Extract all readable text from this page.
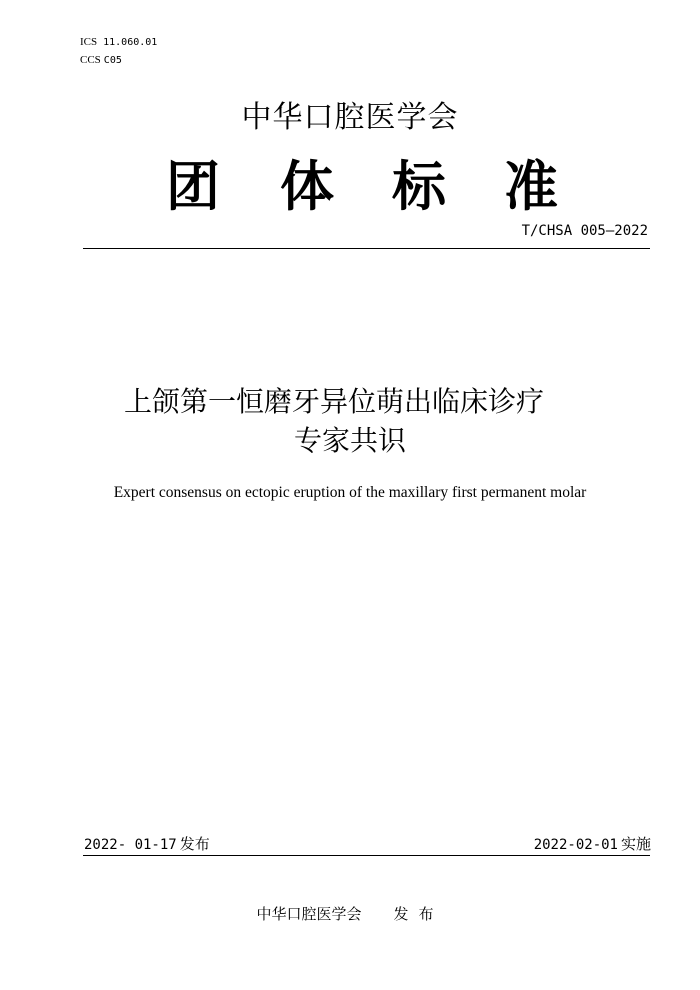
ICS 11.060.01
CCS C05
中华口腔医学会
团 体 标 准
T/CHSA 005—2022
上颌第一恒磨牙异位萌出临床诊疗
专家共识
Expert consensus on ectopic eruption of the maxillary first permanent molar
2022- 01-17 发布	2022-02-01 实施
中华口腔医学会 发布
